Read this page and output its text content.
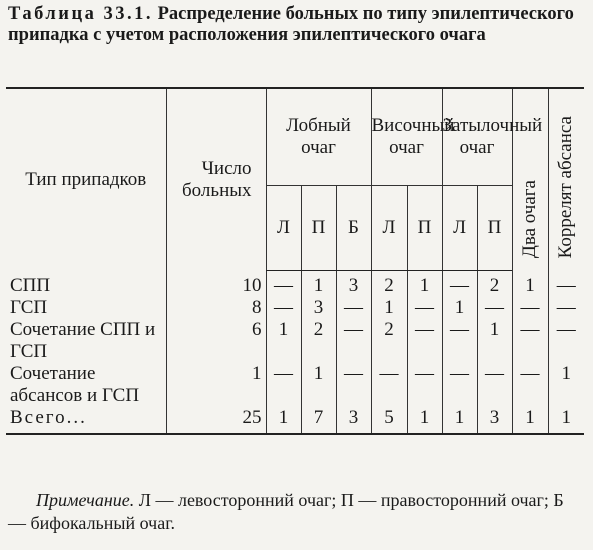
Таблица 33.1. Распределение больных по типу эпилептического припадка с учетом расположения эпилептического очага
Тип припадков	Число больных	Лобный очаг			Височный очаг		Затылочный очаг		Два очага	Коррелят абсанса
		Л	П	Б	Л	П	Л	П		
СПП	10	—	1	3	2	1	—	2	1	—
ГСП	8	—	3	—	1	—	1	—	—	—
Сочетание СПП и ГСП	6	1	2	—	2	—	—	1	—	—
Сочетание абсансов и ГСП	1	—	1	—	—	—	—	—	—	1
Всего...	25	1	7	3	5	1	1	3	1	1
Примечание. Л — левосторонний очаг; П — правосторонний очаг; Б — бифокальный очаг.
